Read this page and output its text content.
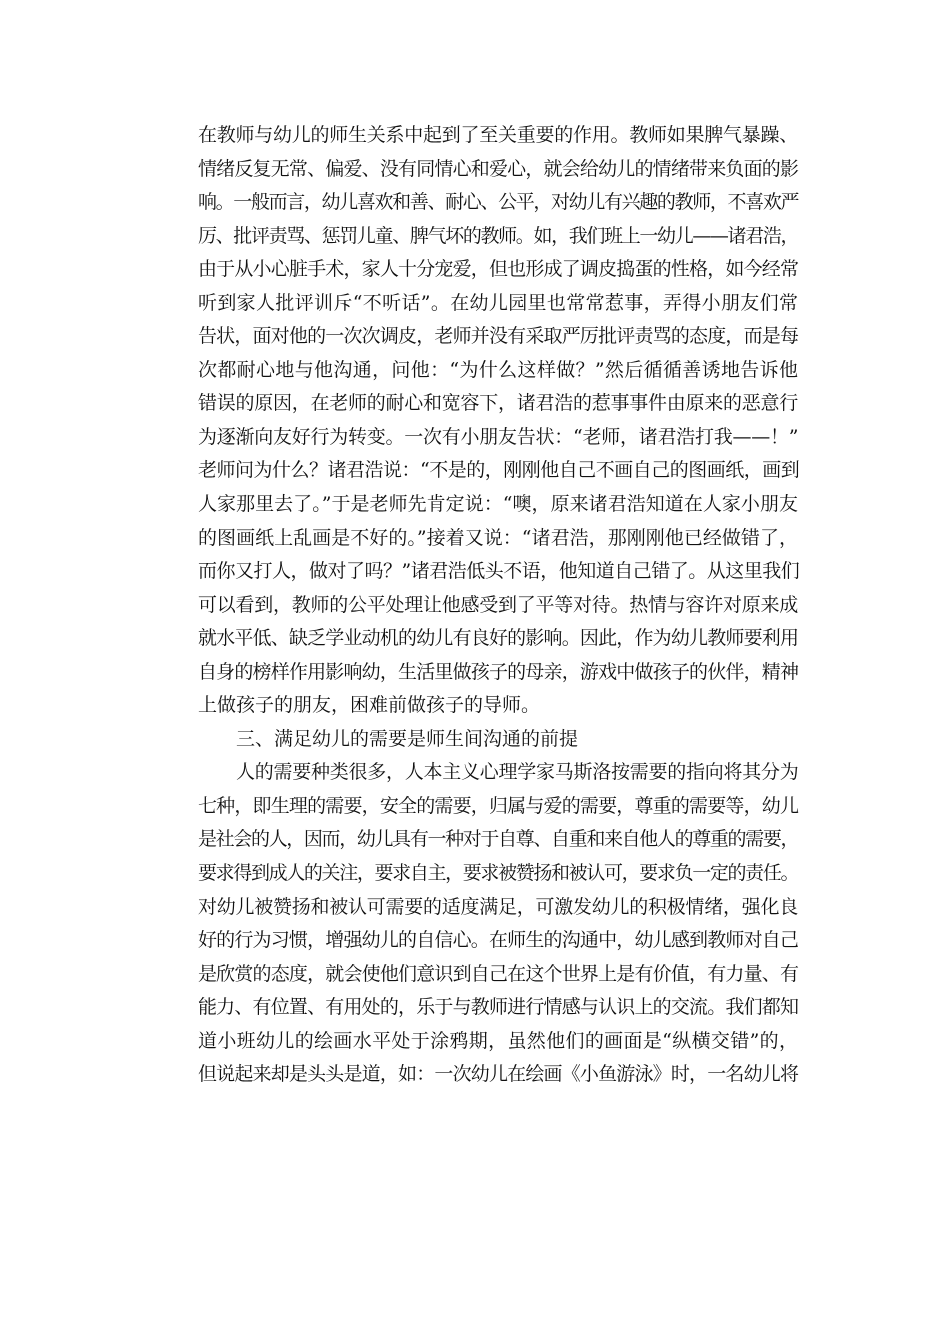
在教师与幼儿的师生关系中起到了至关重要的作用。教师如果脾气暴躁、
情绪反复无常、偏爱、没有同情心和爱心，就会给幼儿的情绪带来负面的影
响。一般而言，幼儿喜欢和善、耐心、公平，对幼儿有兴趣的教师，不喜欢严
厉、批评责骂、惩罚儿童、脾气坏的教师。如，我们班上一幼儿——诸君浩，
由于从小心脏手术，家人十分宠爱，但也形成了调皮捣蛋的性格，如今经常
听到家人批评训斥“不听话”。在幼儿园里也常常惹事，弄得小朋友们常
告状，面对他的一次次调皮，老师并没有采取严厉批评责骂的态度，而是每
次都耐心地与他沟通，问他：“为什么这样做？”然后循循善诱地告诉他
错误的原因，在老师的耐心和宽容下，诸君浩的惹事事件由原来的恶意行
为逐渐向友好行为转变。一次有小朋友告状：“老师，诸君浩打我——！”
老师问为什么？诸君浩说：“不是的，刚刚他自己不画自己的图画纸，画到
人家那里去了。”于是老师先肯定说：“噢，原来诸君浩知道在人家小朋友
的图画纸上乱画是不好的。”接着又说：“诸君浩，那刚刚他已经做错了，
而你又打人，做对了吗？”诸君浩低头不语，他知道自己错了。从这里我们
可以看到，教师的公平处理让他感受到了平等对待。热情与容许对原来成
就水平低、缺乏学业动机的幼儿有良好的影响。因此，作为幼儿教师要利用
自身的榜样作用影响幼，生活里做孩子的母亲，游戏中做孩子的伙伴，精神
上做孩子的朋友，困难前做孩子的导师。
三、满足幼儿的需要是师生间沟通的前提
人的需要种类很多，人本主义心理学家马斯洛按需要的指向将其分为
七种，即生理的需要，安全的需要，归属与爱的需要，尊重的需要等，幼儿
是社会的人，因而，幼儿具有一种对于自尊、自重和来自他人的尊重的需要，
要求得到成人的关注，要求自主，要求被赞扬和被认可，要求负一定的责任。
对幼儿被赞扬和被认可需要的适度满足，可激发幼儿的积极情绪，强化良
好的行为习惯，增强幼儿的自信心。在师生的沟通中，幼儿感到教师对自己
是欣赏的态度，就会使他们意识到自己在这个世界上是有价值，有力量、有
能力、有位置、有用处的，乐于与教师进行情感与认识上的交流。我们都知
道小班幼儿的绘画水平处于涂鸦期，虽然他们的画面是“纵横交错”的，
但说起来却是头头是道，如：一次幼儿在绘画《小鱼游泳》时，一名幼儿将
